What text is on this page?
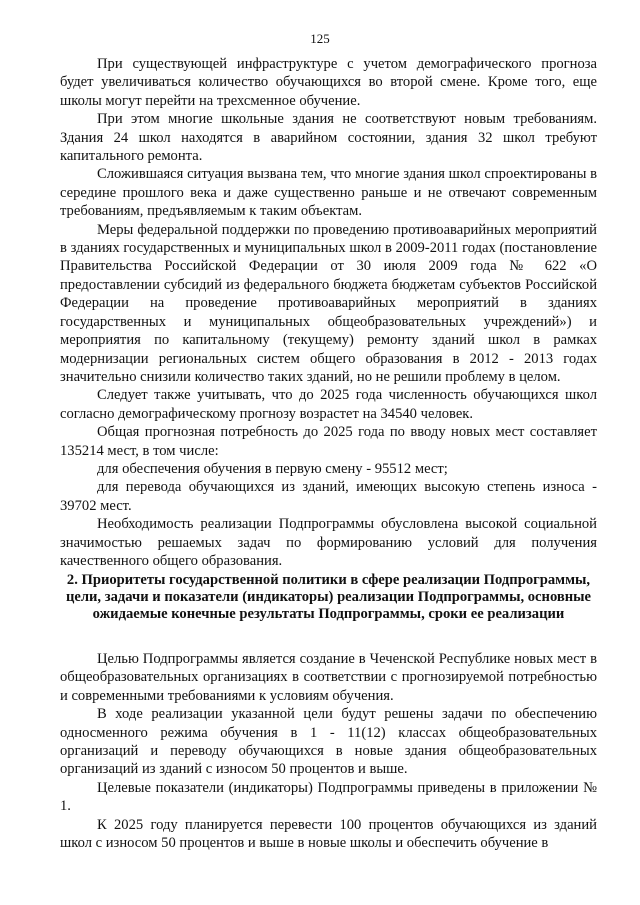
125

При существующей инфраструктуре с учетом демографического прогноза будет увеличиваться количество обучающихся во второй смене. Кроме того, еще школы могут перейти на трехсменное обучение.

При этом многие школьные здания не соответствуют новым требованиям. Здания 24 школ находятся в аварийном состоянии, здания 32 школ требуют капитального ремонта.

Сложившаяся ситуация вызвана тем, что многие здания школ спроектированы в середине прошлого века и даже существенно раньше и не отвечают современным требованиям, предъявляемым к таким объектам.

Меры федеральной поддержки по проведению противоаварийных мероприятий в зданиях государственных и муниципальных школ в 2009-2011 годах (постановление Правительства Российской Федерации от 30 июля 2009 года № 622 «О предоставлении субсидий из федерального бюджета бюджетам субъектов Российской Федерации на проведение противоаварийных мероприятий в зданиях государственных и муниципальных общеобразовательных учреждений») и мероприятия по капитальному (текущему) ремонту зданий школ в рамках модернизации региональных систем общего образования в 2012 - 2013 годах значительно снизили количество таких зданий, но не решили проблему в целом.

Следует также учитывать, что до 2025 года численность обучающихся школ согласно демографическому прогнозу возрастет на 34540 человек.

Общая прогнозная потребность до 2025 года по вводу новых мест составляет 135214 мест, в том числе:

для обеспечения обучения в первую смену - 95512 мест;

для перевода обучающихся из зданий, имеющих высокую степень износа - 39702 мест.

Необходимость реализации Подпрограммы обусловлена высокой социальной значимостью решаемых задач по формированию условий для получения качественного общего образования.

2. Приоритеты государственной политики в сфере реализации Подпрограммы, цели, задачи и показатели (индикаторы) реализации Подпрограммы, основные ожидаемые конечные результаты Подпрограммы, сроки ее реализации

Целью Подпрограммы является создание в Чеченской Республике новых мест в общеобразовательных организациях в соответствии с прогнозируемой потребностью и современными требованиями к условиям обучения.

В ходе реализации указанной цели будут решены задачи по обеспечению односменного режима обучения в 1 - 11(12) классах общеобразовательных организаций и переводу обучающихся в новые здания общеобразовательных организаций из зданий с износом 50 процентов и выше.

Целевые показатели (индикаторы) Подпрограммы приведены в приложении № 1.

К 2025 году планируется перевести 100 процентов обучающихся из зданий школ с износом 50 процентов и выше в новые школы и обеспечить обучение в
